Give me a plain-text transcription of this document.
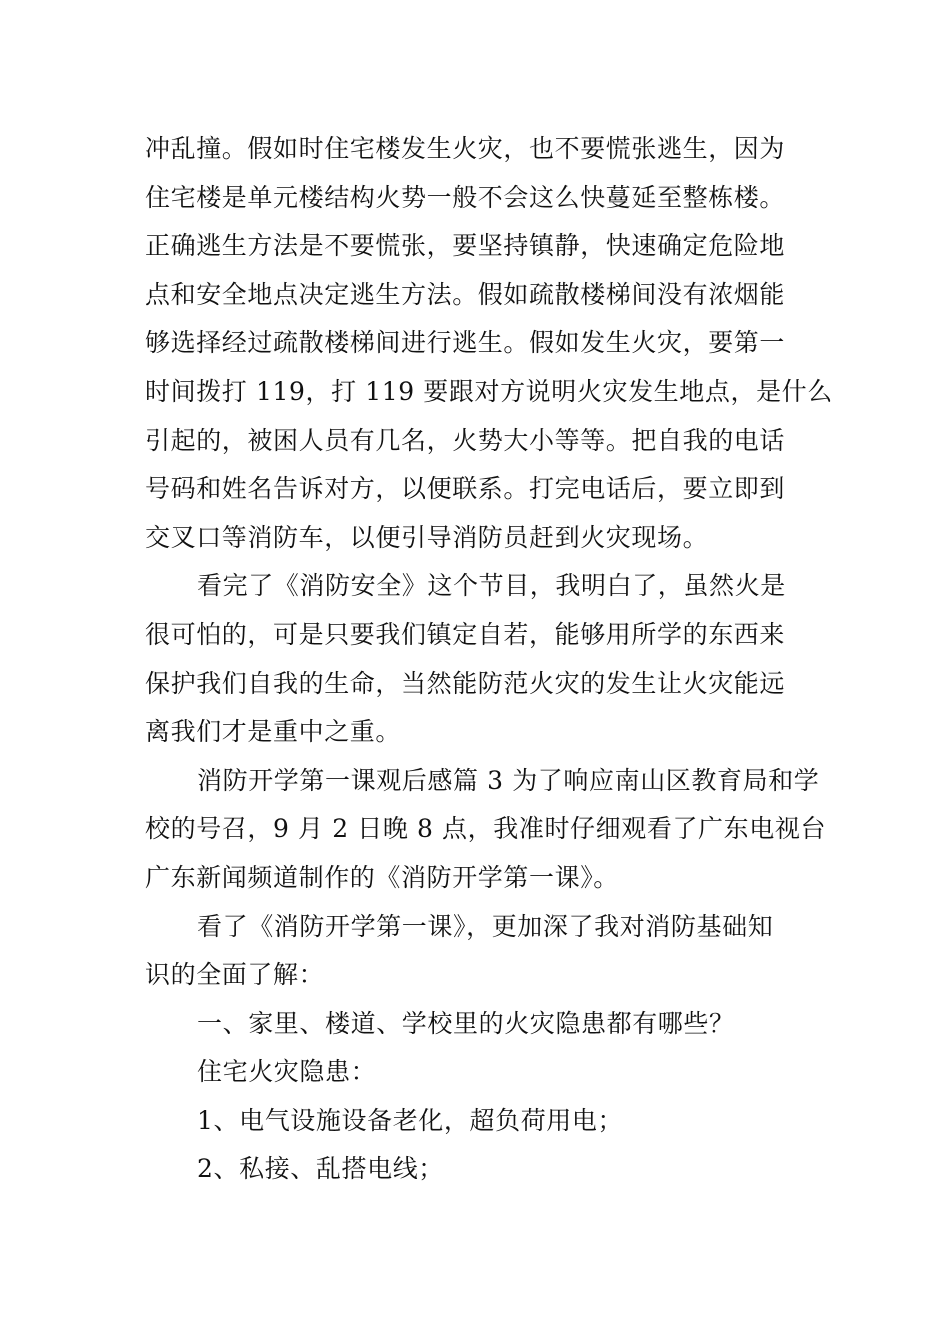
冲乱撞。假如时住宅楼发生火灾，也不要慌张逃生，因为
住宅楼是单元楼结构火势一般不会这么快蔓延至整栋楼。
正确逃生方法是不要慌张，要坚持镇静，快速确定危险地
点和安全地点决定逃生方法。假如疏散楼梯间没有浓烟能
够选择经过疏散楼梯间进行逃生。假如发生火灾，要第一
时间拨打 119，打 119 要跟对方说明火灾发生地点，是什么
引起的，被困人员有几名，火势大小等等。把自我的电话
号码和姓名告诉对方，以便联系。打完电话后，要立即到
交叉口等消防车，以便引导消防员赶到火灾现场。
看完了《消防安全》这个节目，我明白了，虽然火是
很可怕的，可是只要我们镇定自若，能够用所学的东西来
保护我们自我的生命，当然能防范火灾的发生让火灾能远
离我们才是重中之重。
消防开学第一课观后感篇 3 为了响应南山区教育局和学
校的号召，9 月 2 日晚 8 点，我准时仔细观看了广东电视台
广东新闻频道制作的《消防开学第一课》。
看了《消防开学第一课》，更加深了我对消防基础知
识的全面了解：
一、家里、楼道、学校里的火灾隐患都有哪些？
住宅火灾隐患：
1、电气设施设备老化，超负荷用电；
2、私接、乱搭电线；
